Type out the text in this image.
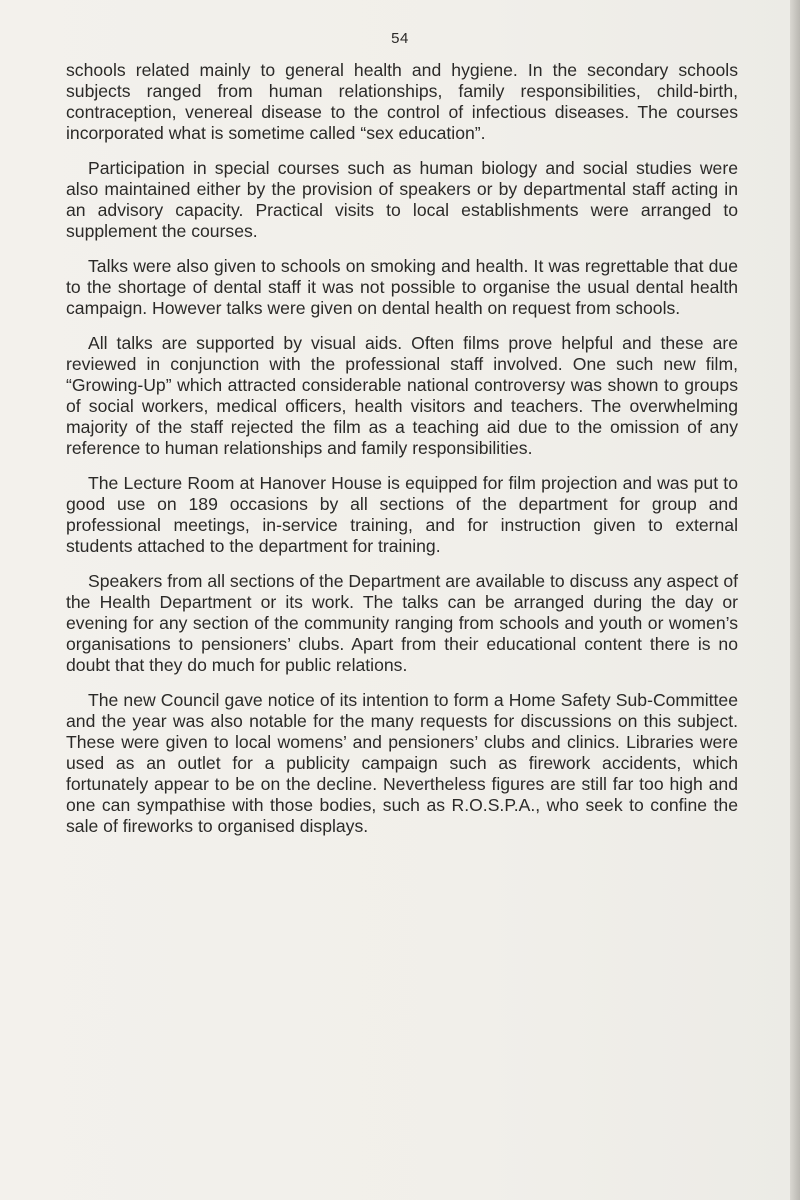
54

schools related mainly to general health and hygiene. In the secondary schools subjects ranged from human relationships, family responsibilities, child-birth, contraception, venereal disease to the control of infectious diseases. The courses incorporated what is sometime called “sex education”.

Participation in special courses such as human biology and social studies were also maintained either by the provision of speakers or by departmental staff acting in an advisory capacity. Practical visits to local establishments were arranged to supplement the courses.

Talks were also given to schools on smoking and health. It was regrettable that due to the shortage of dental staff it was not possible to organise the usual dental health campaign. However talks were given on dental health on request from schools.

All talks are supported by visual aids. Often films prove helpful and these are reviewed in conjunction with the professional staff involved. One such new film, “Growing-Up” which attracted considerable national controversy was shown to groups of social workers, medical officers, health visitors and teachers. The overwhelming majority of the staff rejected the film as a teaching aid due to the omission of any reference to human relationships and family responsibilities.

The Lecture Room at Hanover House is equipped for film projection and was put to good use on 189 occasions by all sections of the department for group and professional meetings, in-service training, and for instruction given to external students attached to the department for training.

Speakers from all sections of the Department are available to discuss any aspect of the Health Department or its work. The talks can be arranged during the day or evening for any section of the community ranging from schools and youth or women’s organisations to pensioners’ clubs. Apart from their educational content there is no doubt that they do much for public relations.

The new Council gave notice of its intention to form a Home Safety Sub-Committee and the year was also notable for the many requests for discussions on this subject. These were given to local womens’ and pensioners’ clubs and clinics. Libraries were used as an outlet for a publicity campaign such as firework accidents, which fortunately appear to be on the decline. Nevertheless figures are still far too high and one can sympathise with those bodies, such as R.O.S.P.A., who seek to confine the sale of fireworks to organised displays.
